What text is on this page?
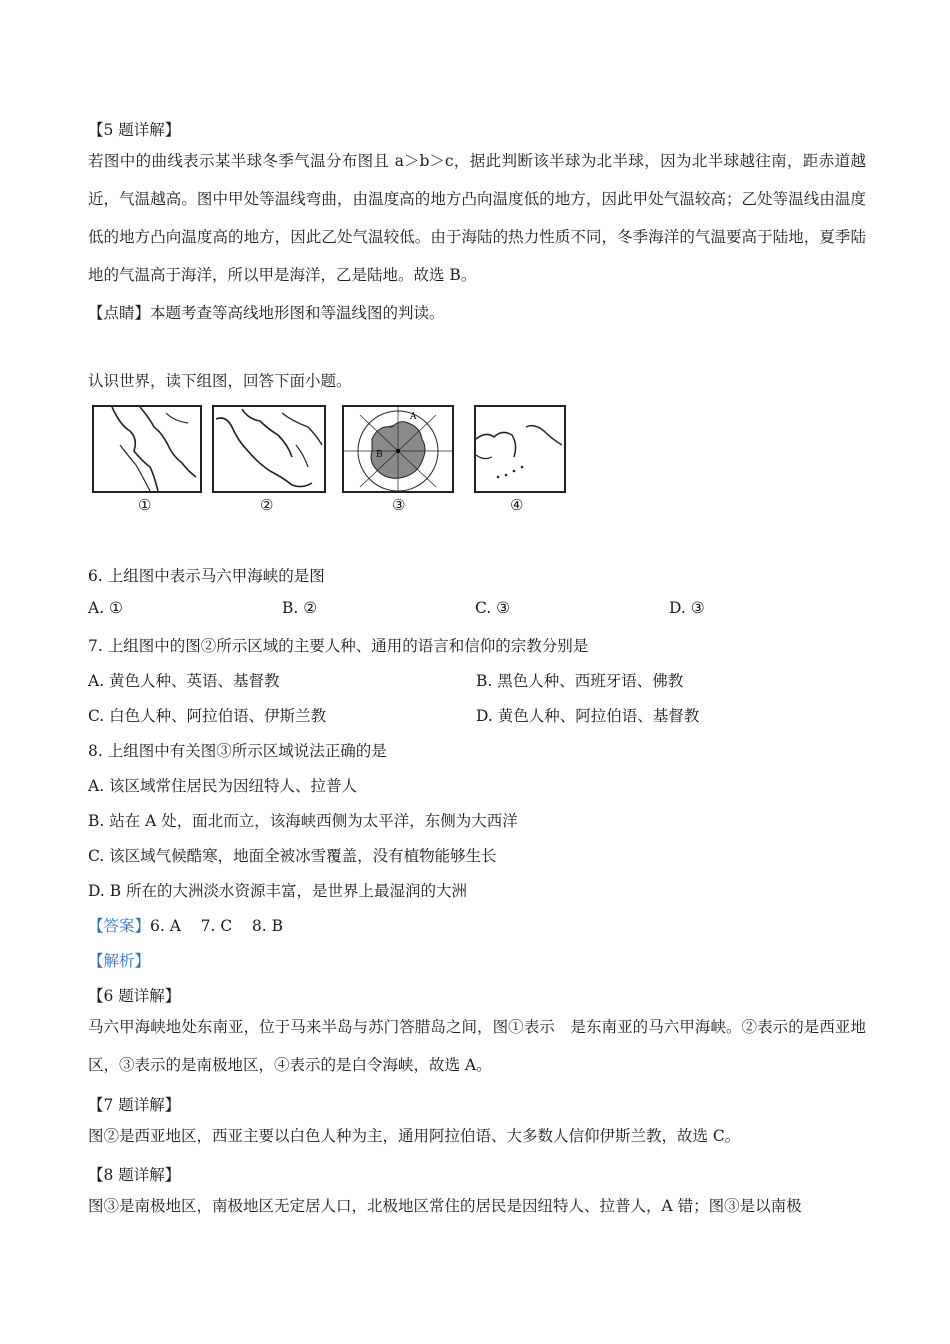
【5 题详解】
若图中的曲线表示某半球冬季气温分布图且 a＞b＞c，据此判断该半球为北半球，因为北半球越往南，距赤道越近，气温越高。图中甲处等温线弯曲，由温度高的地方凸向温度低的地方，因此甲处气温较高；乙处等温线由温度低的地方凸向温度高的地方，因此乙处气温较低。由于海陆的热力性质不同，冬季海洋的气温要高于陆地，夏季陆地的气温高于海洋，所以甲是海洋，乙是陆地。故选 B。
【点睛】本题考查等高线地形图和等温线图的判读。
认识世界，读下组图，回答下面小题。
A
B
①	②	③	④
6. 上组图中表示马六甲海峡的是图
A. ①	B. ②	C. ③	D. ③
7. 上组图中的图②所示区域的主要人种、通用的语言和信仰的宗教分别是
A. 黄色人种、英语、基督教	B. 黑色人种、西班牙语、佛教
C. 白色人种、阿拉伯语、伊斯兰教	D. 黄色人种、阿拉伯语、基督教
8. 上组图中有关图③所示区域说法正确的是
A. 该区域常住居民为因纽特人、拉普人
B. 站在 A 处，面北而立，该海峡西侧为太平洋，东侧为大西洋
C. 该区域气候酷寒，地面全被冰雪覆盖，没有植物能够生长
D. B 所在的大洲淡水资源丰富，是世界上最湿润的大洲
【答案】6. A    7. C    8. B
【解析】
【6 题详解】
马六甲海峡地处东南亚，位于马来半岛与苏门答腊岛之间，图①表示　是东南亚的马六甲海峡。②表示的是西亚地区，③表示的是南极地区，④表示的是白令海峡，故选 A。
【7 题详解】
图②是西亚地区，西亚主要以白色人种为主，通用阿拉伯语、大多数人信仰伊斯兰教，故选 C。
【8 题详解】
图③是南极地区，南极地区无定居人口，北极地区常住的居民是因纽特人、拉普人，A 错；图③是以南极
